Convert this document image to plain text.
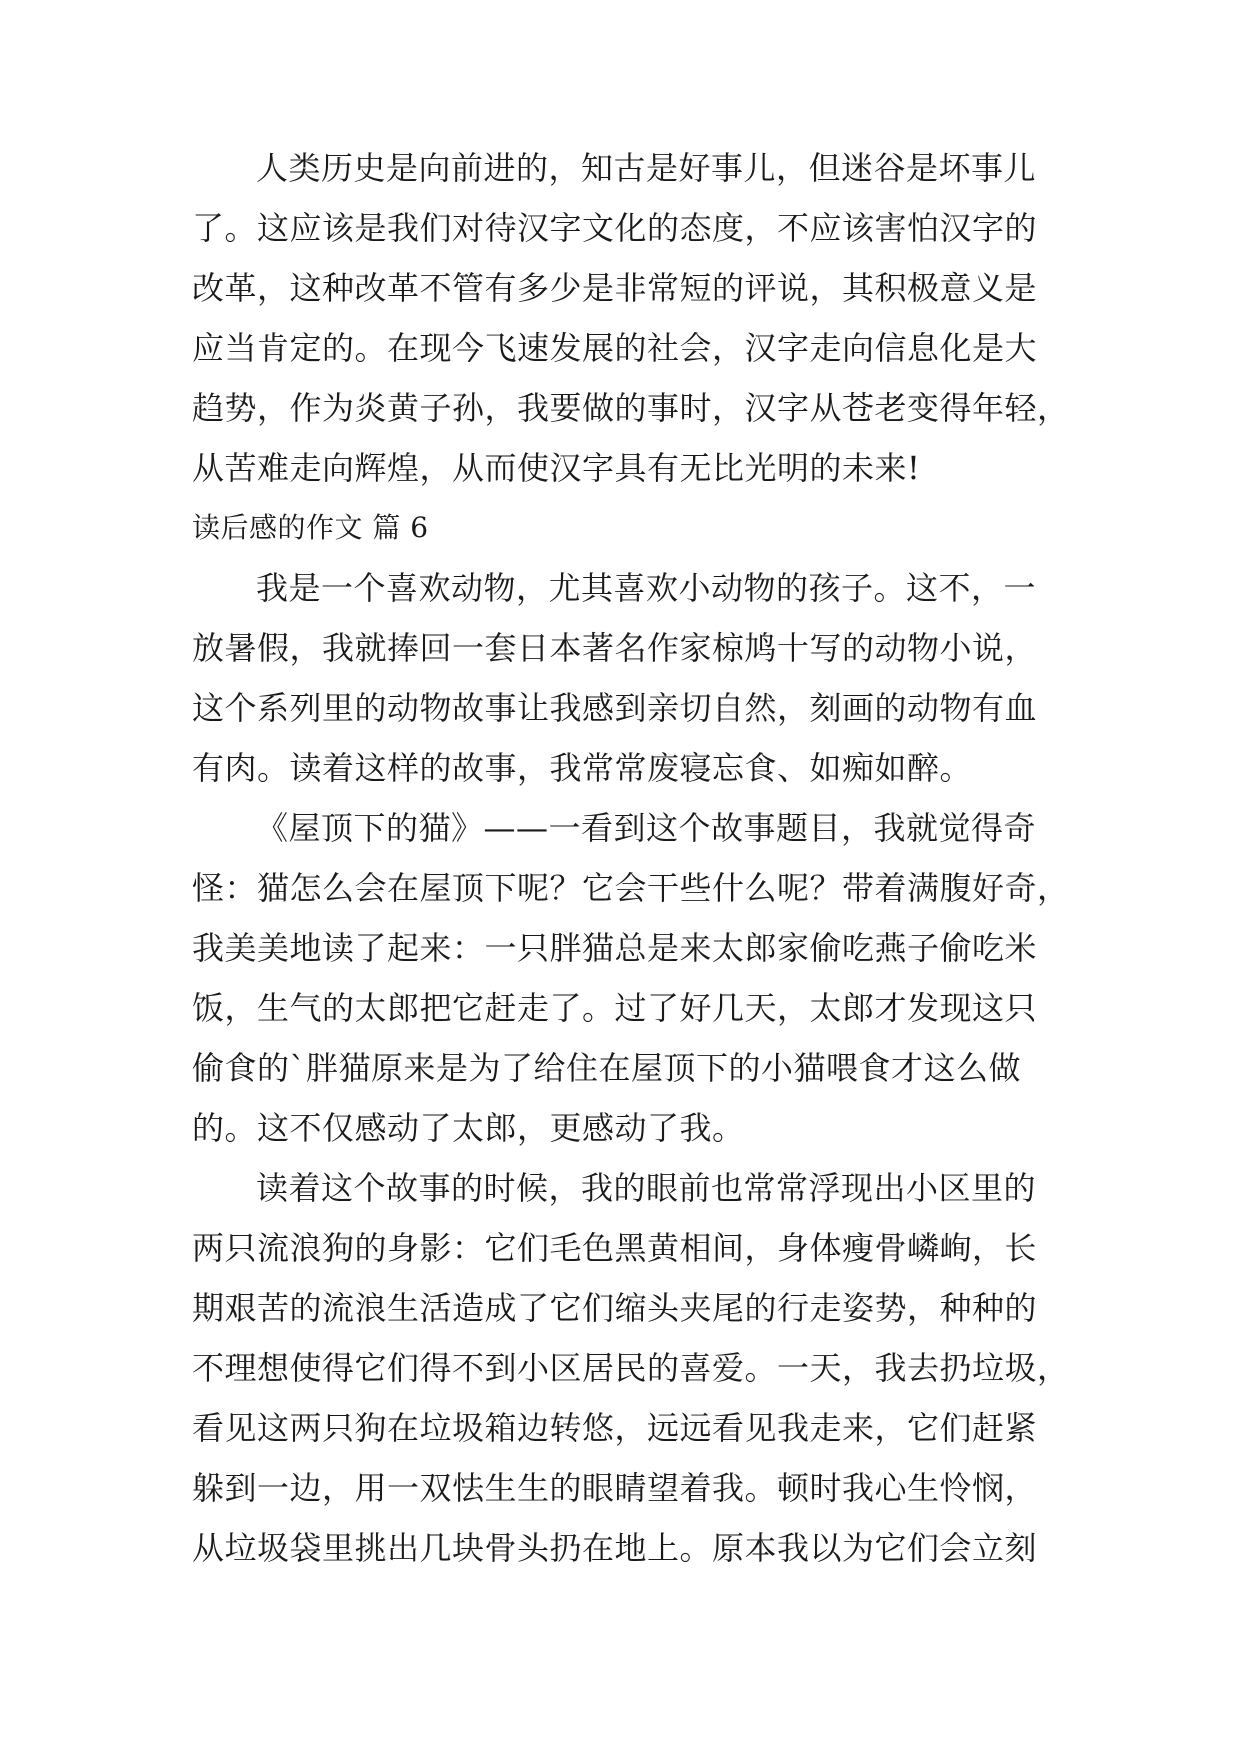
人类历史是向前进的，知古是好事儿，但迷谷是坏事儿
了。这应该是我们对待汉字文化的态度，不应该害怕汉字的
改革，这种改革不管有多少是非常短的评说，其积极意义是
应当肯定的。在现今飞速发展的社会，汉字走向信息化是大
趋势，作为炎黄子孙，我要做的事时，汉字从苍老变得年轻，
从苦难走向辉煌，从而使汉字具有无比光明的未来!
读后感的作文 篇 6
我是一个喜欢动物，尤其喜欢小动物的孩子。这不，一
放暑假，我就捧回一套日本著名作家椋鸠十写的动物小说，
这个系列里的动物故事让我感到亲切自然，刻画的动物有血
有肉。读着这样的故事，我常常废寝忘食、如痴如醉。
《屋顶下的猫》——一看到这个故事题目，我就觉得奇
怪：猫怎么会在屋顶下呢？它会干些什么呢？带着满腹好奇，
我美美地读了起来：一只胖猫总是来太郎家偷吃燕子偷吃米
饭，生气的太郎把它赶走了。过了好几天，太郎才发现这只
偷食的`胖猫原来是为了给住在屋顶下的小猫喂食才这么做
的。这不仅感动了太郎，更感动了我。
读着这个故事的时候，我的眼前也常常浮现出小区里的
两只流浪狗的身影：它们毛色黑黄相间，身体瘦骨嶙峋，长
期艰苦的流浪生活造成了它们缩头夹尾的行走姿势，种种的
不理想使得它们得不到小区居民的喜爱。一天，我去扔垃圾，
看见这两只狗在垃圾箱边转悠，远远看见我走来，它们赶紧
躲到一边，用一双怯生生的眼睛望着我。顿时我心生怜悯，
从垃圾袋里挑出几块骨头扔在地上。原本我以为它们会立刻
